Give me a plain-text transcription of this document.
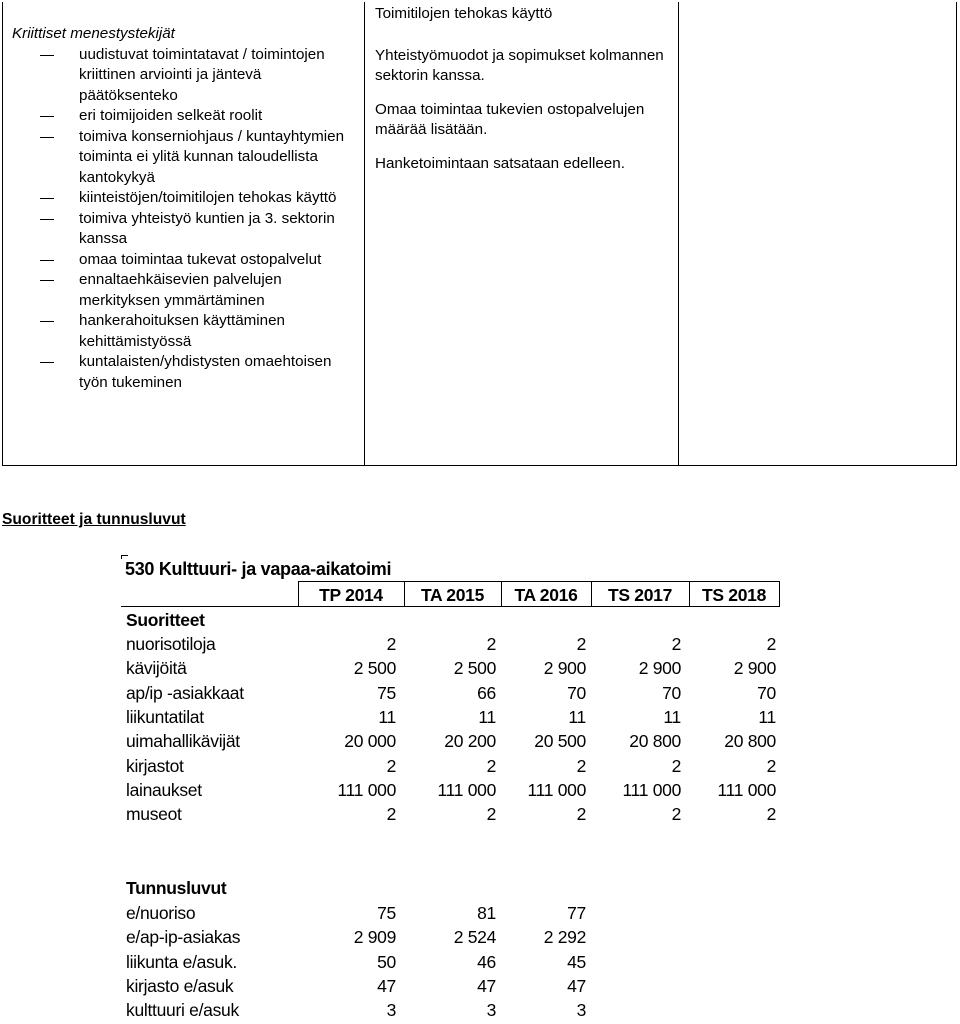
Kriittiset menestystekijät
uudistuvat toimintatavat / toimintojen kriittinen arviointi ja jäntevä päätöksenteko
eri toimijoiden selkeät roolit
toimiva konserniohjaus / kuntayhtymien toiminta ei ylitä kunnan taloudellista kantokykyä
kiinteistöjen/toimitilojen tehokas käyttö
toimiva yhteistyö kuntien ja 3. sektorin kanssa
omaa toimintaa tukevat ostopalvelut
ennaltaehkäisevien palvelujen merkityksen ymmärtäminen
hankerahoituksen käyttäminen kehittämistyössä
kuntalaisten/yhdistysten omaehtoisen työn tukeminen
Toimitilojen tehokas käyttö

Yhteistyömuodot ja sopimukset kolmannen sektorin kanssa.

Omaa toimintaa tukevien ostopalvelujen määrää lisätään.

Hanketoimintaan satsataan edelleen.

Suoritteet ja tunnusluvut
530 Kulttuuri- ja vapaa-aikatoimi
TP 2014	TA 2015	TA 2016	TS 2017	TS 2018
Suoritteet
nuorisotiloja	2	2	2	2	2
kävijöitä	2 500	2 500	2 900	2 900	2 900
ap/ip -asiakkaat	75	66	70	70	70
liikuntatilat	11	11	11	11	11
uimahallikävijät	20 000	20 200	20 500	20 800	20 800
kirjastot	2	2	2	2	2
lainaukset	111 000	111 000	111 000	111 000	111 000
museot	2	2	2	2	2
Tunnusluvut
e/nuoriso	75	81	77
e/ap-ip-asiakas	2 909	2 524	2 292
liikunta e/asuk.	50	46	45
kirjasto e/asuk	47	47	47
kulttuuri e/asuk	3	3	3
